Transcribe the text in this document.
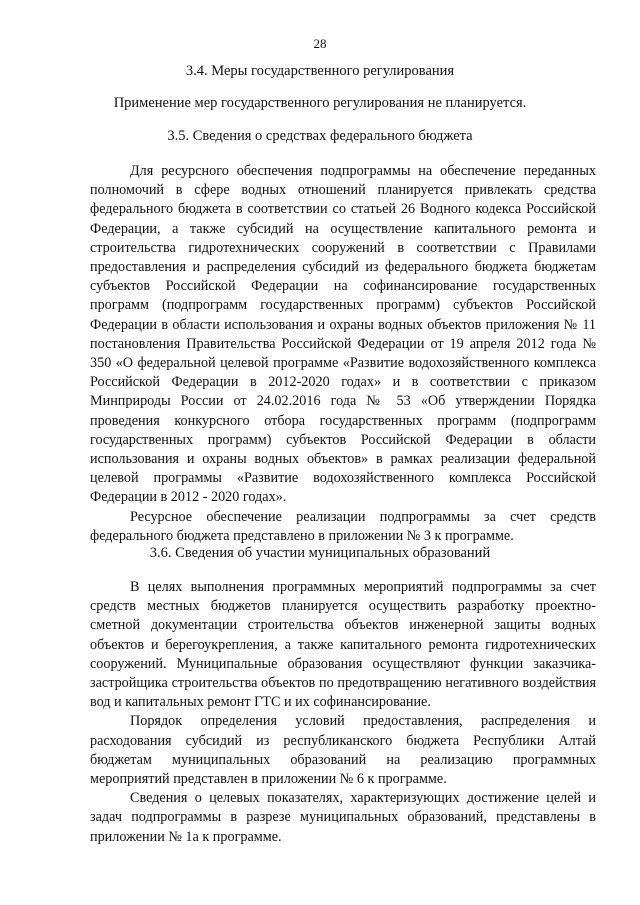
28
3.4. Меры государственного регулирования
Применение мер государственного регулирования не планируется.
3.5. Сведения о средствах федерального бюджета

Для ресурсного обеспечения подпрограммы на обеспечение переданных полномочий в сфере водных отношений планируется привлекать средства федерального бюджета в соответствии со статьей 26 Водного кодекса Российской Федерации, а также субсидий на осуществление капитального ремонта и строительства гидротехнических сооружений в соответствии с Правилами предоставления и распределения субсидий из федерального бюджета бюджетам субъектов Российской Федерации на софинансирование государственных программ (подпрограмм государственных программ) субъектов Российской Федерации в области использования и охраны водных объектов приложения № 11 постановления Правительства Российской Федерации от 19 апреля 2012 года № 350 «О федеральной целевой программе «Развитие водохозяйственного комплекса Российской Федерации в 2012-2020 годах» и в соответствии с приказом Минприроды России от 24.02.2016 года № 53 «Об утверждении Порядка проведения конкурсного отбора государственных программ (подпрограмм государственных программ) субъектов Российской Федерации в области использования и охраны водных объектов» в рамках реализации федеральной целевой программы «Развитие водохозяйственного комплекса Российской Федерации в 2012 - 2020 годах».

Ресурсное обеспечение реализации подпрограммы за счет средств федерального бюджета представлено в приложении № 3 к программе.

3.6. Сведения об участии муниципальных образований

В целях выполнения программных мероприятий подпрограммы за счет средств местных бюджетов планируется осуществить разработку проектно-сметной документации строительства объектов инженерной защиты водных объектов и берегоукрепления, а также капитального ремонта гидротехнических сооружений. Муниципальные образования осуществляют функции заказчика-застройщика строительства объектов по предотвращению негативного воздействия вод и капитальных ремонт ГТС и их софинансирование.

Порядок определения условий предоставления, распределения и расходования субсидий из республиканского бюджета Республики Алтай бюджетам муниципальных образований на реализацию программных мероприятий представлен в приложении № 6 к программе.

Сведения о целевых показателях, характеризующих достижение целей и задач подпрограммы в разрезе муниципальных образований, представлены в приложении № 1а к программе.
